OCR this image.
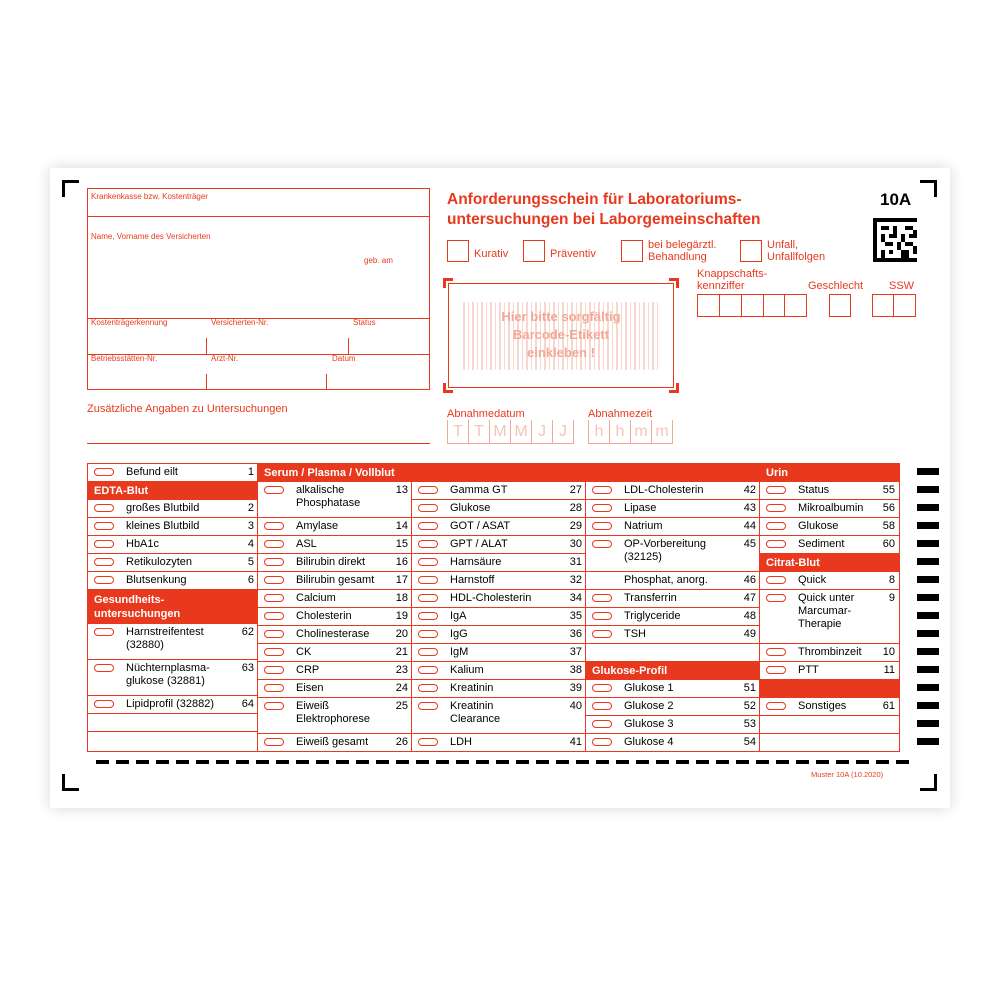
Krankenkasse bzw. Kostenträger
Name, Vorname des Versicherten
geb. am
Kostenträgerkennung	Versicherten-Nr.	Status
Betriebsstätten-Nr.	Arzt-Nr.	Datum
Zusätzliche Angaben zu Untersuchungen
Anforderungsschein für Laboratoriums-
untersuchungen bei Laborgemeinschaften
10A
Kurativ	Präventiv
bei belegärztl.
Behandlung
Unfall,
Unfallfolgen
Knappschafts-
kennziffer	Geschlecht SSW
Hier bitte sorgfältig
Barcode-Etikett
einkleben !
Abnahmedatum	Abnahmezeit
T T M M J J	h h m m
Befund eilt	1
EDTA-Blut
großes Blutbild	2
kleines Blutbild	3
HbA1c	4
Retikulozyten	5
Blutsenkung	6
Gesundheits-
untersuchungen
Harnstreifentest
(32880)
62
Nüchternplasma-
glukose (32881)
63
Lipidprofil (32882)	64
Serum / Plasma / Vollblut
alkalische
Phosphatase
13
Amylase	14
ASL	15
Bilirubin direkt	16
Bilirubin gesamt 17
Calcium	18
Cholesterin	19
Cholinesterase 20
CK	21
CRP	23
Eisen	24
Eiweiß
Elektrophorese
25
Eiweiß gesamt	26
Gamma GT	27
Glukose	28
GOT / ASAT	29
GPT / ALAT	30
Harnsäure	31
Harnstoff	32
HDL-Cholesterin	34
IgA	35
IgG	36
IgM	37
Kalium	38
Kreatinin	39
Kreatinin
Clearance
40
LDH	41
LDL-Cholesterin	42
Lipase	43
Natrium	44
OP-Vorbereitung
(32125)
45
Phosphat, anorg.	46
Transferrin	47
Triglyceride	48
TSH	49
Glukose-Profil
Glukose 1	51
Glukose 2	52
Glukose 3	53
Glukose 4	54
Urin
Status	55
Mikroalbumin 56
Glukose	58
Sediment	60
Citrat-Blut
Quick	8
Quick unter
Marcumar-
Therapie
9
Thrombinzeit 10
PTT	11
Sonstiges	61
Muster 10A (10.2020)
